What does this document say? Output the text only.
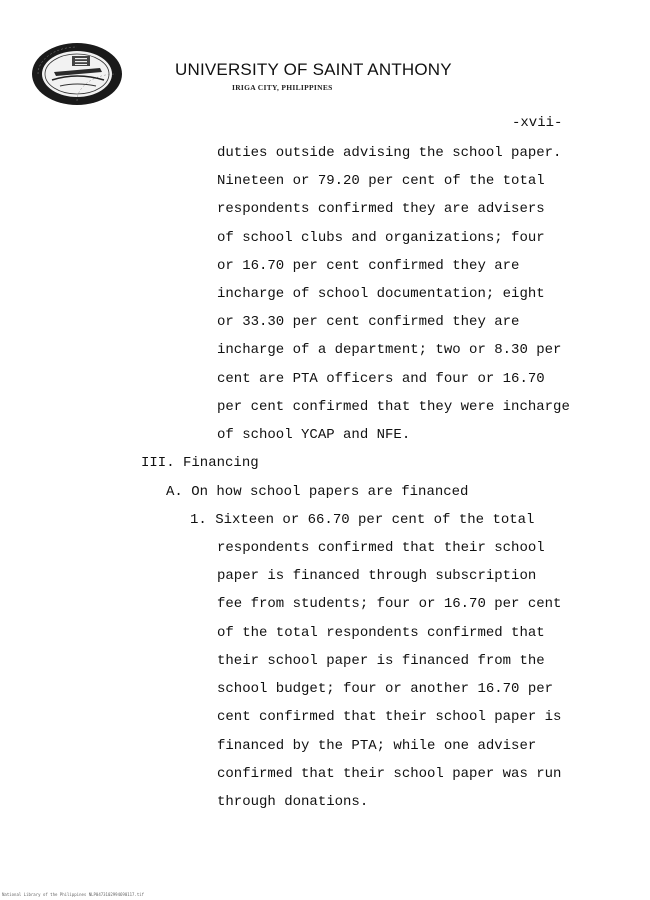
UNIVERSITY OF SAINT ANTHONY
IRIGA CITY, PHILIPPINES
-xvii-
duties outside advising the school paper.
Nineteen or 79.20 per cent of the total
respondents confirmed they are advisers
of school clubs and organizations; four
or 16.70 per cent confirmed they are
incharge of school documentation; eight
or 33.30 per cent confirmed they are
incharge of a department; two or 8.30 per
cent are PTA officers and four or 16.70
per cent confirmed that they were incharge
of school YCAP and NFE.
III. Financing
A. On how school papers are financed
1. Sixteen or 66.70 per cent of the total
respondents confirmed that their school
paper is financed through subscription
fee from students; four or 16.70 per cent
of the total respondents confirmed that
their school paper is financed from the
school budget; four or another 16.70 per
cent confirmed that their school paper is
financed by the PTA; while one adviser
confirmed that their school paper was run
through donations.
National Library of the Philippines NLP0473102994690117.tif
